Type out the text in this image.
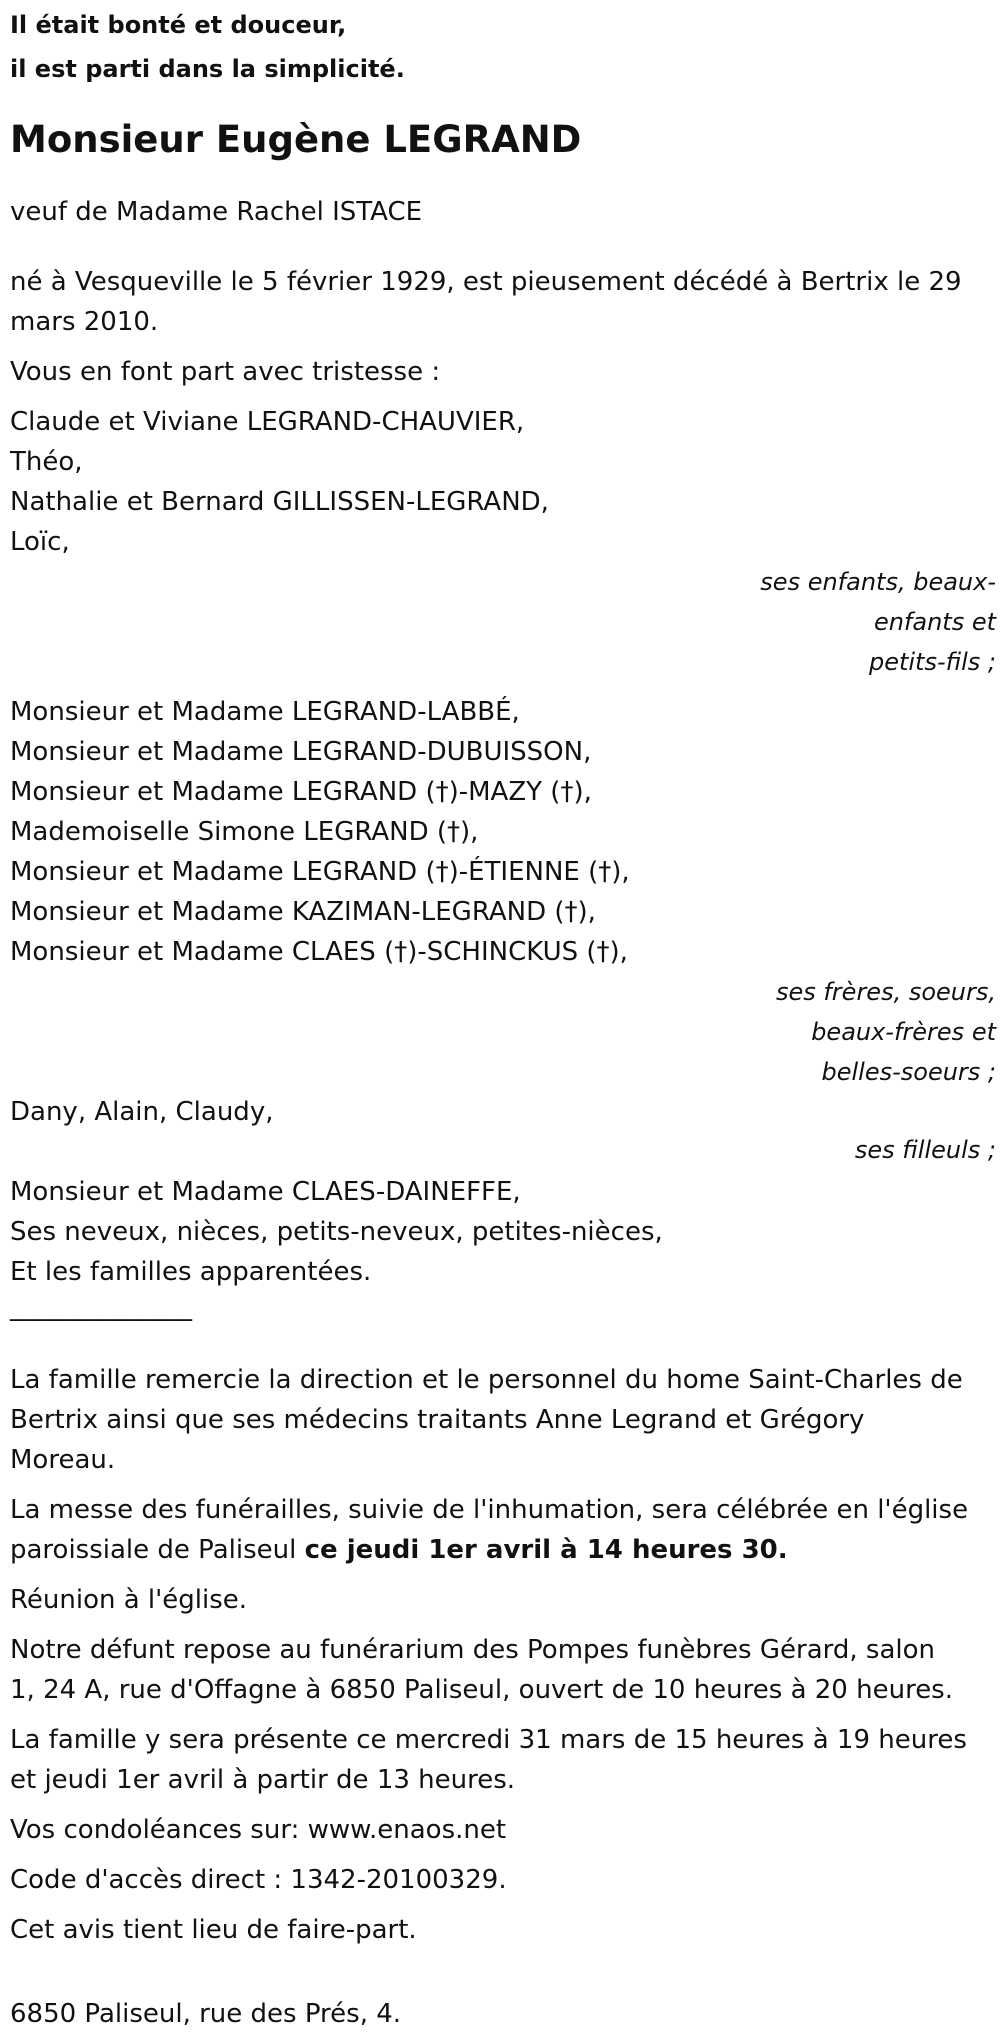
Il était bonté et douceur,
il est parti dans la simplicité.
Monsieur Eugène LEGRAND
veuf de Madame Rachel ISTACE
né à Vesqueville le 5 février 1929, est pieusement décédé à Bertrix le 29
mars 2010.
Vous en font part avec tristesse :
Claude et Viviane LEGRAND-CHAUVIER,
Théo,
Nathalie et Bernard GILLISSEN-LEGRAND,
Loïc,
ses enfants, beaux-
enfants et
petits-fils ;
Monsieur et Madame LEGRAND-LABBÉ,
Monsieur et Madame LEGRAND-DUBUISSON,
Monsieur et Madame LEGRAND (†)-MAZY (†),
Mademoiselle Simone LEGRAND (†),
Monsieur et Madame LEGRAND (†)-ÉTIENNE (†),
Monsieur et Madame KAZIMAN-LEGRAND (†),
Monsieur et Madame CLAES (†)-SCHINCKUS (†),
ses frères, soeurs,
beaux-frères et
belles-soeurs ;
Dany, Alain, Claudy,
ses filleuls ;
Monsieur et Madame CLAES-DAINEFFE,
Ses neveux, nièces, petits-neveux, petites-nièces,
Et les familles apparentées.
______________
La famille remercie la direction et le personnel du home Saint-Charles de
Bertrix ainsi que ses médecins traitants Anne Legrand et Grégory
Moreau.
La messe des funérailles, suivie de l'inhumation, sera célébrée en l'église
paroissiale de Paliseul ce jeudi 1er avril à 14 heures 30.
Réunion à l'église.
Notre défunt repose au funérarium des Pompes funèbres Gérard, salon
1, 24 A, rue d'Offagne à 6850 Paliseul, ouvert de 10 heures à 20 heures.
La famille y sera présente ce mercredi 31 mars de 15 heures à 19 heures
et jeudi 1er avril à partir de 13 heures.
Vos condoléances sur: www.enaos.net
Code d'accès direct : 1342-20100329.
Cet avis tient lieu de faire-part.
6850 Paliseul, rue des Prés, 4.
